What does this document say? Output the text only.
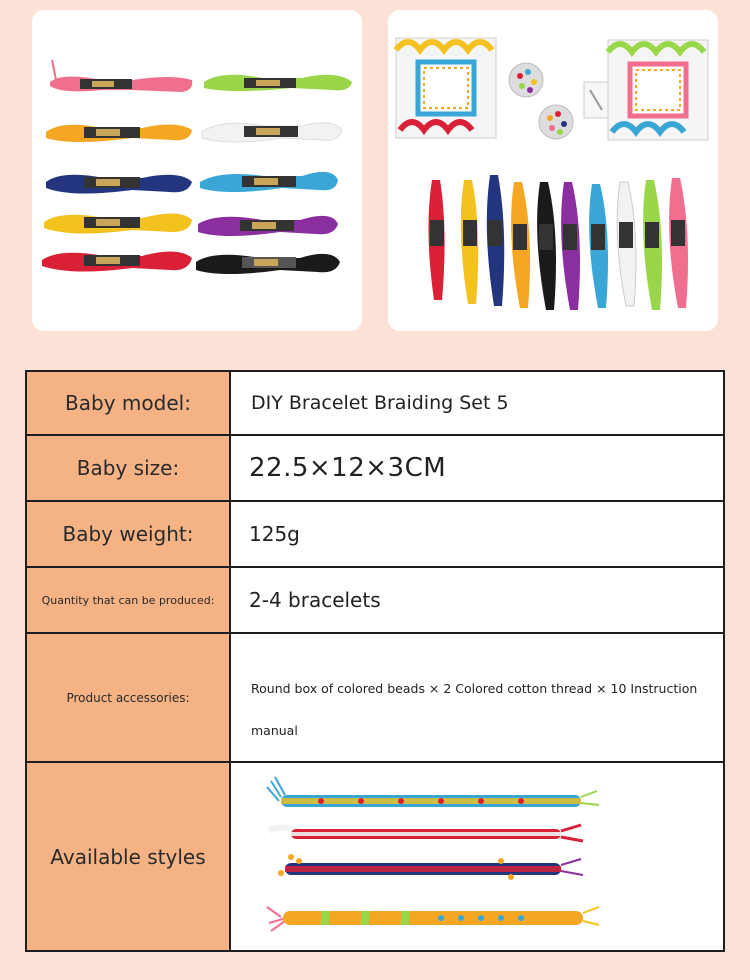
Baby model:	DIY Bracelet Braiding Set 5
Baby size:	22.5×12×3CM
Baby weight:	125g
Quantity that can be produced:	2-4 bracelets
Product accessories:
Round box of colored beads × 2 Colored cotton thread × 10 Instruction manual
Available styles
